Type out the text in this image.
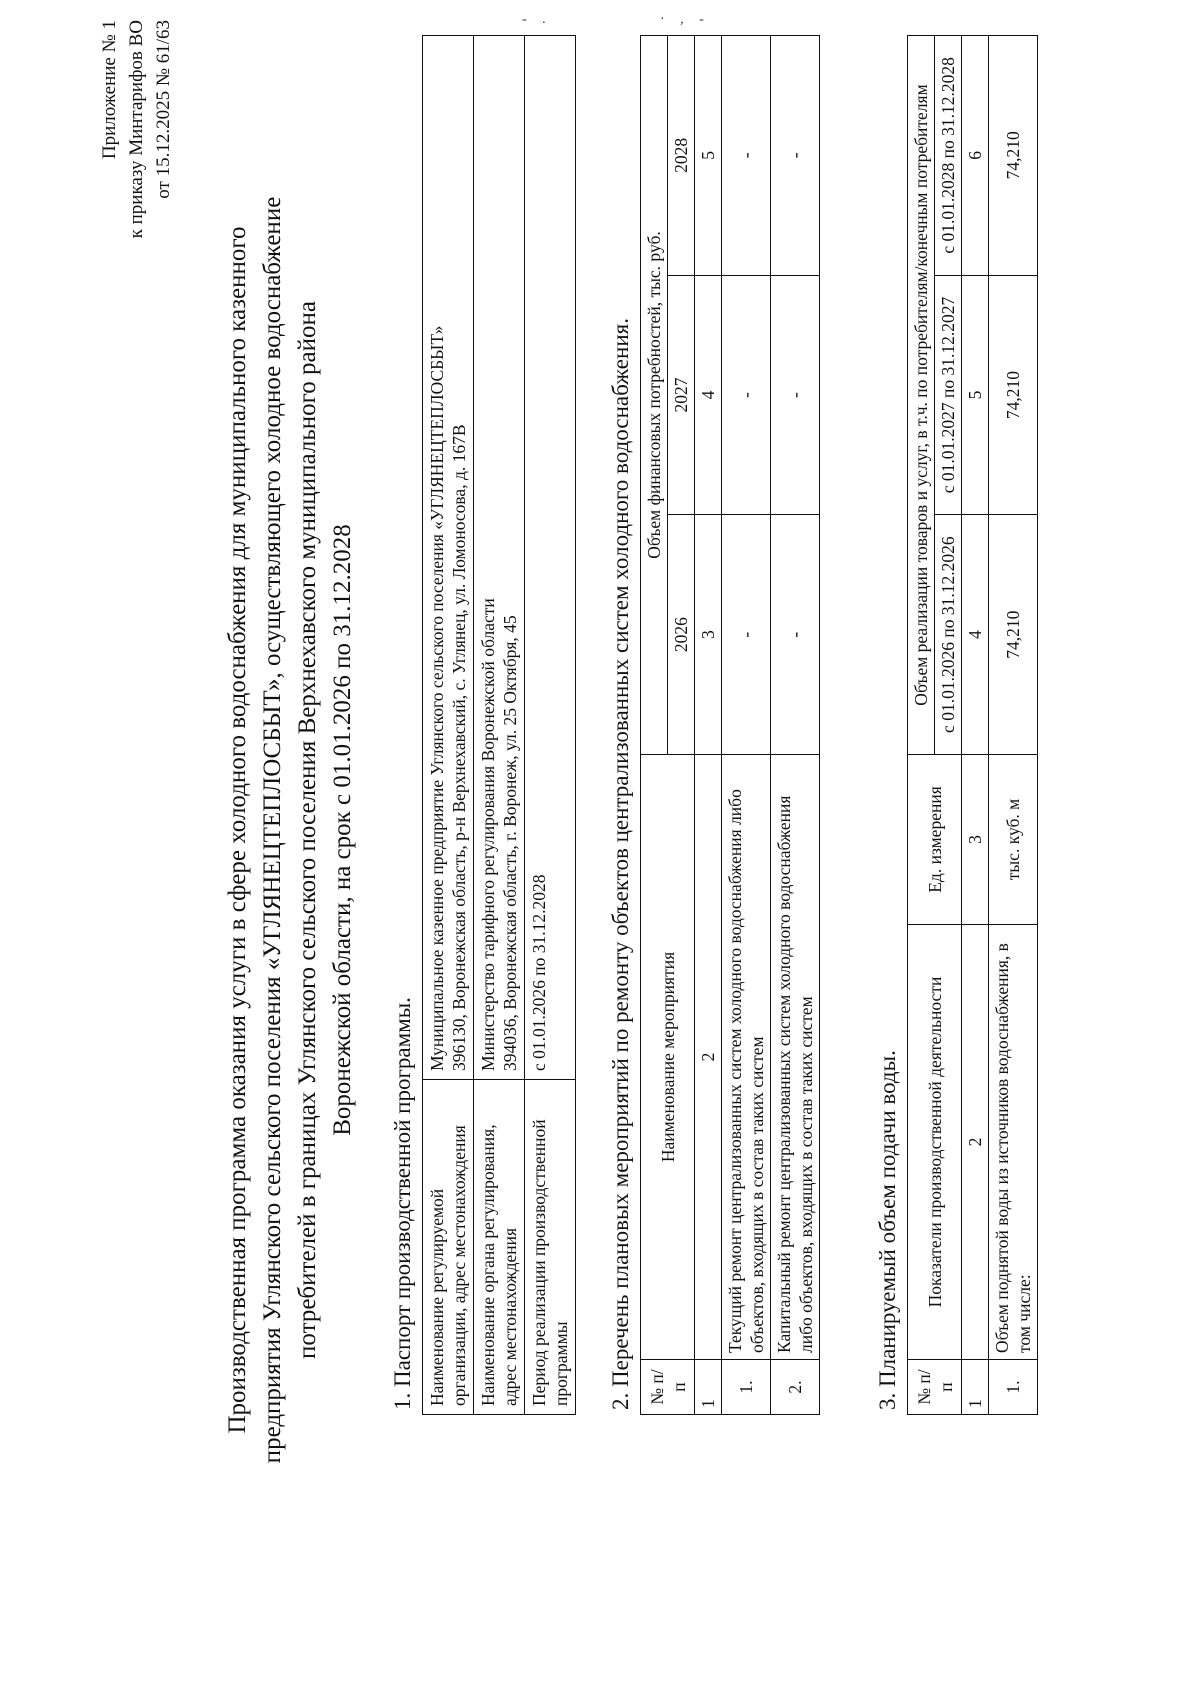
- .	· , -
Приложение № 1 к приказу Минтарифов ВО от 15.12.2025 № 61/63
Производственная программа оказания услуги в сфере холодного водоснабжения для муниципального казенного предприятия Углянского сельского поселения «УГЛЯНЕЦТЕПЛОСБЫТ», осуществляющего холодное водоснабжение потребителей в границах Углянского сельского поселения Верхнехавского муниципального района Воронежской области, на срок с 01.01.2026 по 31.12.2028
1. Паспорт производственной программы. Наименование регулируемой организации, адрес местонахождения	Муниципальное казенное предприятие Углянского сельского поселения «УГЛЯНЕЦТЕПЛОСБЫТ» 396130, Воронежская область, р-н Верхнехавский, с. Углянец, ул. Ломоносова, д. 167В

Наименование органа регулирования, адрес местонахождения	Министерство тарифного регулирования Воронежской области 394036, Воронежская область, г. Воронеж, ул. 25 Октября, 45

Период реализации производственной программы	с 01.01.2026 по 31.12.2028	2. Перечень плановых мероприятий по ремонту объектов централизованных систем холодного водоснабжения. № п/п	Наименование мероприятия	Объем финансовых потребностей, тыс. руб.		
		2026	2027	2028
1	2	3	4	5
1.	Текущий ремонт централизованных систем холодного водоснабжения либо объектов, входящих в состав таких систем	-	-	-
2.	Капитальный ремонт централизованных систем холодного водоснабжения либо объектов, входящих в состав таких систем	-	-	-
3. Планируемый объем подачи воды. № п/п	Показатели производственной деятельности	Ед. измерения	Объем реализации товаров и услуг, в т.ч. по потребителям/конечным потребителям		
			с 01.01.2026 по 31.12.2026	с 01.01.2027 по 31.12.2027	с 01.01.2028 по 31.12.2028
1	2	3	4	5	6
1.	Объем поднятой воды из источников водоснабжения, в том числе:	тыс. куб. м	74,210	74,210	74,210
